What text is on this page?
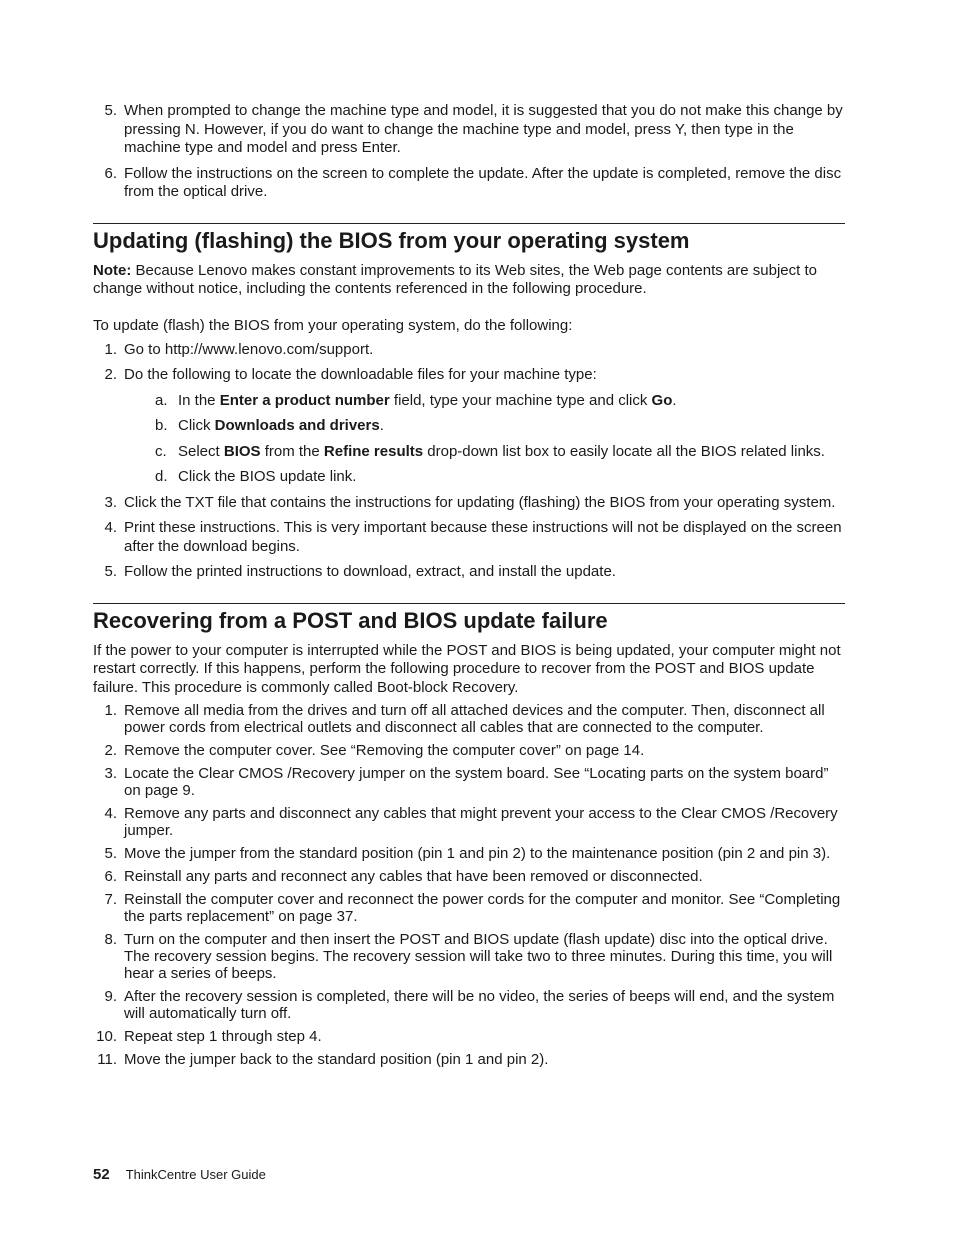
5. When prompted to change the machine type and model, it is suggested that you do not make this change by pressing N. However, if you do want to change the machine type and model, press Y, then type in the machine type and model and press Enter.
6. Follow the instructions on the screen to complete the update. After the update is completed, remove the disc from the optical drive.
Updating (flashing) the BIOS from your operating system

Note: Because Lenovo makes constant improvements to its Web sites, the Web page contents are subject to change without notice, including the contents referenced in the following procedure.

To update (flash) the BIOS from your operating system, do the following:

1. Go to http://www.lenovo.com/support.
2. Do the following to locate the downloadable files for your machine type:
a. In the Enter a product number field, type your machine type and click Go.
b. Click Downloads and drivers.
c. Select BIOS from the Refine results drop-down list box to easily locate all the BIOS related links.
d. Click the BIOS update link.
3. Click the TXT file that contains the instructions for updating (flashing) the BIOS from your operating system.
4. Print these instructions. This is very important because these instructions will not be displayed on the screen after the download begins.
5. Follow the printed instructions to download, extract, and install the update.
Recovering from a POST and BIOS update failure

If the power to your computer is interrupted while the POST and BIOS is being updated, your computer might not restart correctly. If this happens, perform the following procedure to recover from the POST and BIOS update failure. This procedure is commonly called Boot-block Recovery.

1. Remove all media from the drives and turn off all attached devices and the computer. Then, disconnect all power cords from electrical outlets and disconnect all cables that are connected to the computer.
2. Remove the computer cover. See “Removing the computer cover” on page 14.
3. Locate the Clear CMOS /Recovery jumper on the system board. See “Locating parts on the system board” on page 9.
4. Remove any parts and disconnect any cables that might prevent your access to the Clear CMOS /Recovery jumper.
5. Move the jumper from the standard position (pin 1 and pin 2) to the maintenance position (pin 2 and pin 3).
6. Reinstall any parts and reconnect any cables that have been removed or disconnected.
7. Reinstall the computer cover and reconnect the power cords for the computer and monitor. See “Completing the parts replacement” on page 37.
8. Turn on the computer and then insert the POST and BIOS update (flash update) disc into the optical drive. The recovery session begins. The recovery session will take two to three minutes. During this time, you will hear a series of beeps.
9. After the recovery session is completed, there will be no video, the series of beeps will end, and the system will automatically turn off.
10. Repeat step 1 through step 4.
11. Move the jumper back to the standard position (pin 1 and pin 2).
52 ThinkCentre User Guide
